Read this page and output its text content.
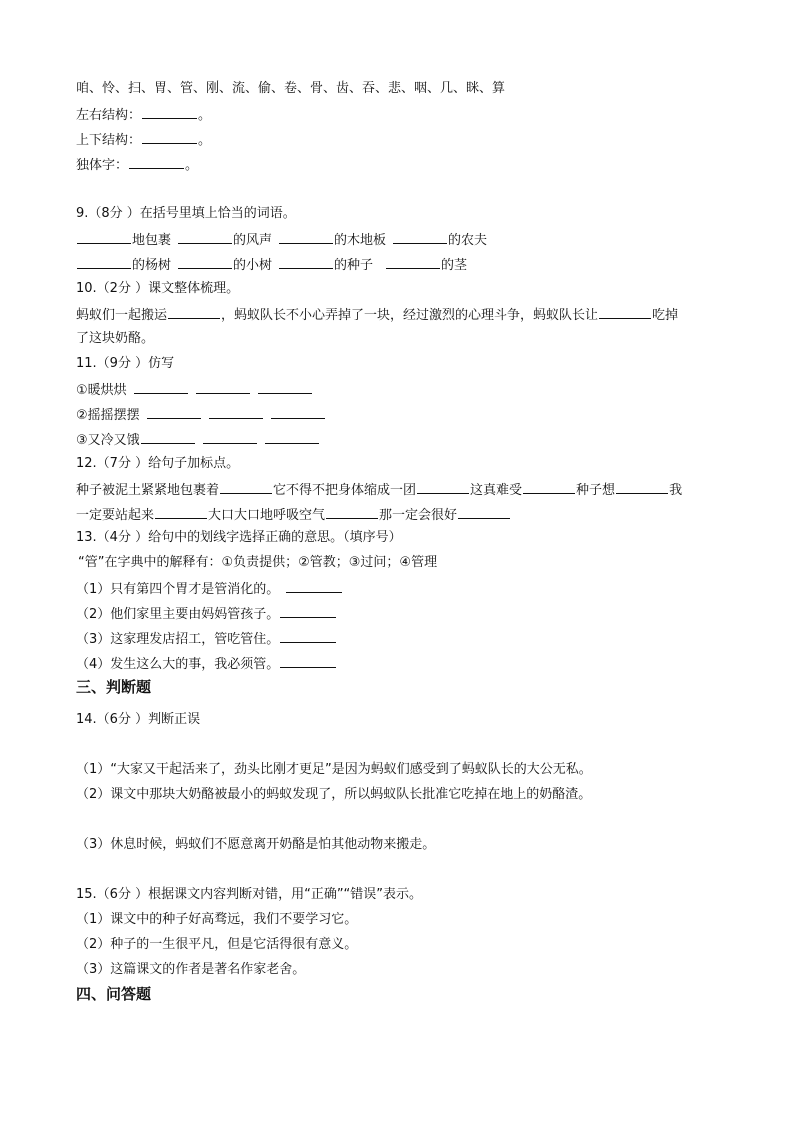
咱、怜、扫、胃、管、刚、流、偷、卷、骨、齿、吞、悲、咽、几、眯、算
左右结构：	。
上下结构：	。
独体字：	。
9.（8分 ）在括号里填上恰当的词语。
地包裹	的风声	的木地板	的农夫
的杨树	的小树	的种子	的茎
10.（2分 ）课文整体梳理。
蚂蚁们一起搬运	，蚂蚁队长不小心弄掉了一块，经过激烈的心理斗争，蚂蚁队长让	吃掉
了这块奶酪。
11.（9分 ）仿写
①暖烘烘
②摇摇摆摆
③又冷又饿
12.（7分 ）给句子加标点。
种子被泥土紧紧地包裹着	它不得不把身体缩成一团	这真难受	种子想	我
一定要站起来	大口大口地呼吸空气	那一定会很好
13.（4分 ）给句中的划线字选择正确的意思。（填序号）
“管”在字典中的解释有：①负责提供；②管教；③过问；④管理
（1）只有第四个胃才是管消化的。
（2）他们家里主要由妈妈管孩子。
（3）这家理发店招工，管吃管住。
（4）发生这么大的事，我必须管。
三、判断题
14.（6分 ）判断正误
（1）“大家又干起活来了，劲头比刚才更足”是因为蚂蚁们感受到了蚂蚁队长的大公无私。
（2）课文中那块大奶酪被最小的蚂蚁发现了，所以蚂蚁队长批准它吃掉在地上的奶酪渣。
（3）休息时候，蚂蚁们不愿意离开奶酪是怕其他动物来搬走。
15.（6分 ）根据课文内容判断对错，用“正确”“错误”表示。
（1）课文中的种子好高骛远，我们不要学习它。
（2）种子的一生很平凡，但是它活得很有意义。
（3）这篇课文的作者是著名作家老舍。
四、问答题
